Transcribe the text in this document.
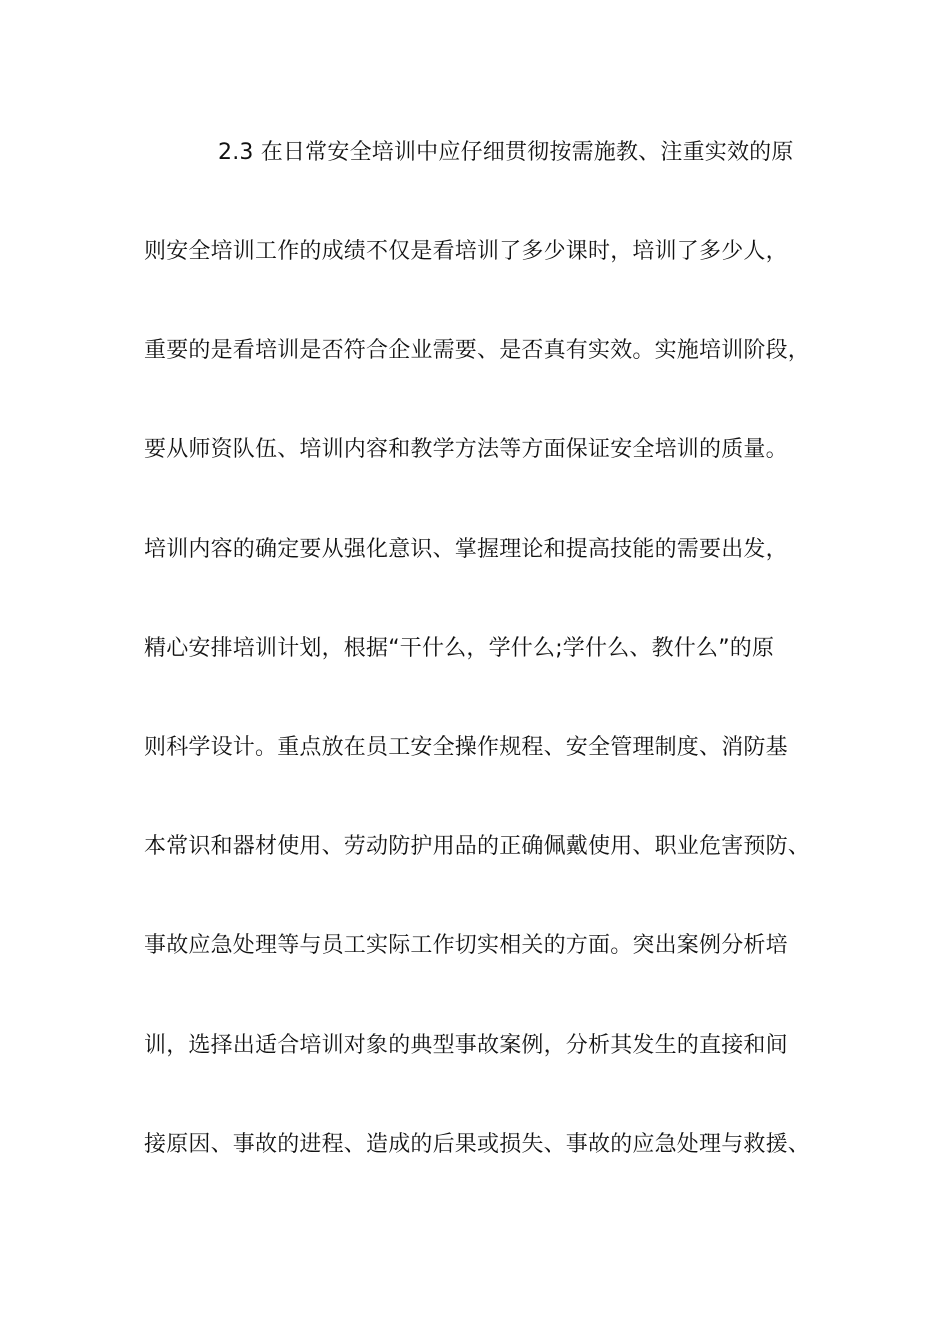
2.3 在日常安全培训中应仔细贯彻按需施教、注重实效的原
则安全培训工作的成绩不仅是看培训了多少课时，培训了多少人，
重要的是看培训是否符合企业需要、是否真有实效。实施培训阶段，
要从师资队伍、培训内容和教学方法等方面保证安全培训的质量。
培训内容的确定要从强化意识、掌握理论和提高技能的需要出发，
精心安排培训计划，根据“干什么，学什么;学什么、教什么”的原
则科学设计。重点放在员工安全操作规程、安全管理制度、消防基
本常识和器材使用、劳动防护用品的正确佩戴使用、职业危害预防、
事故应急处理等与员工实际工作切实相关的方面。突出案例分析培
训，选择出适合培训对象的典型事故案例，分析其发生的直接和间
接原因、事故的进程、造成的后果或损失、事故的应急处理与救援、
